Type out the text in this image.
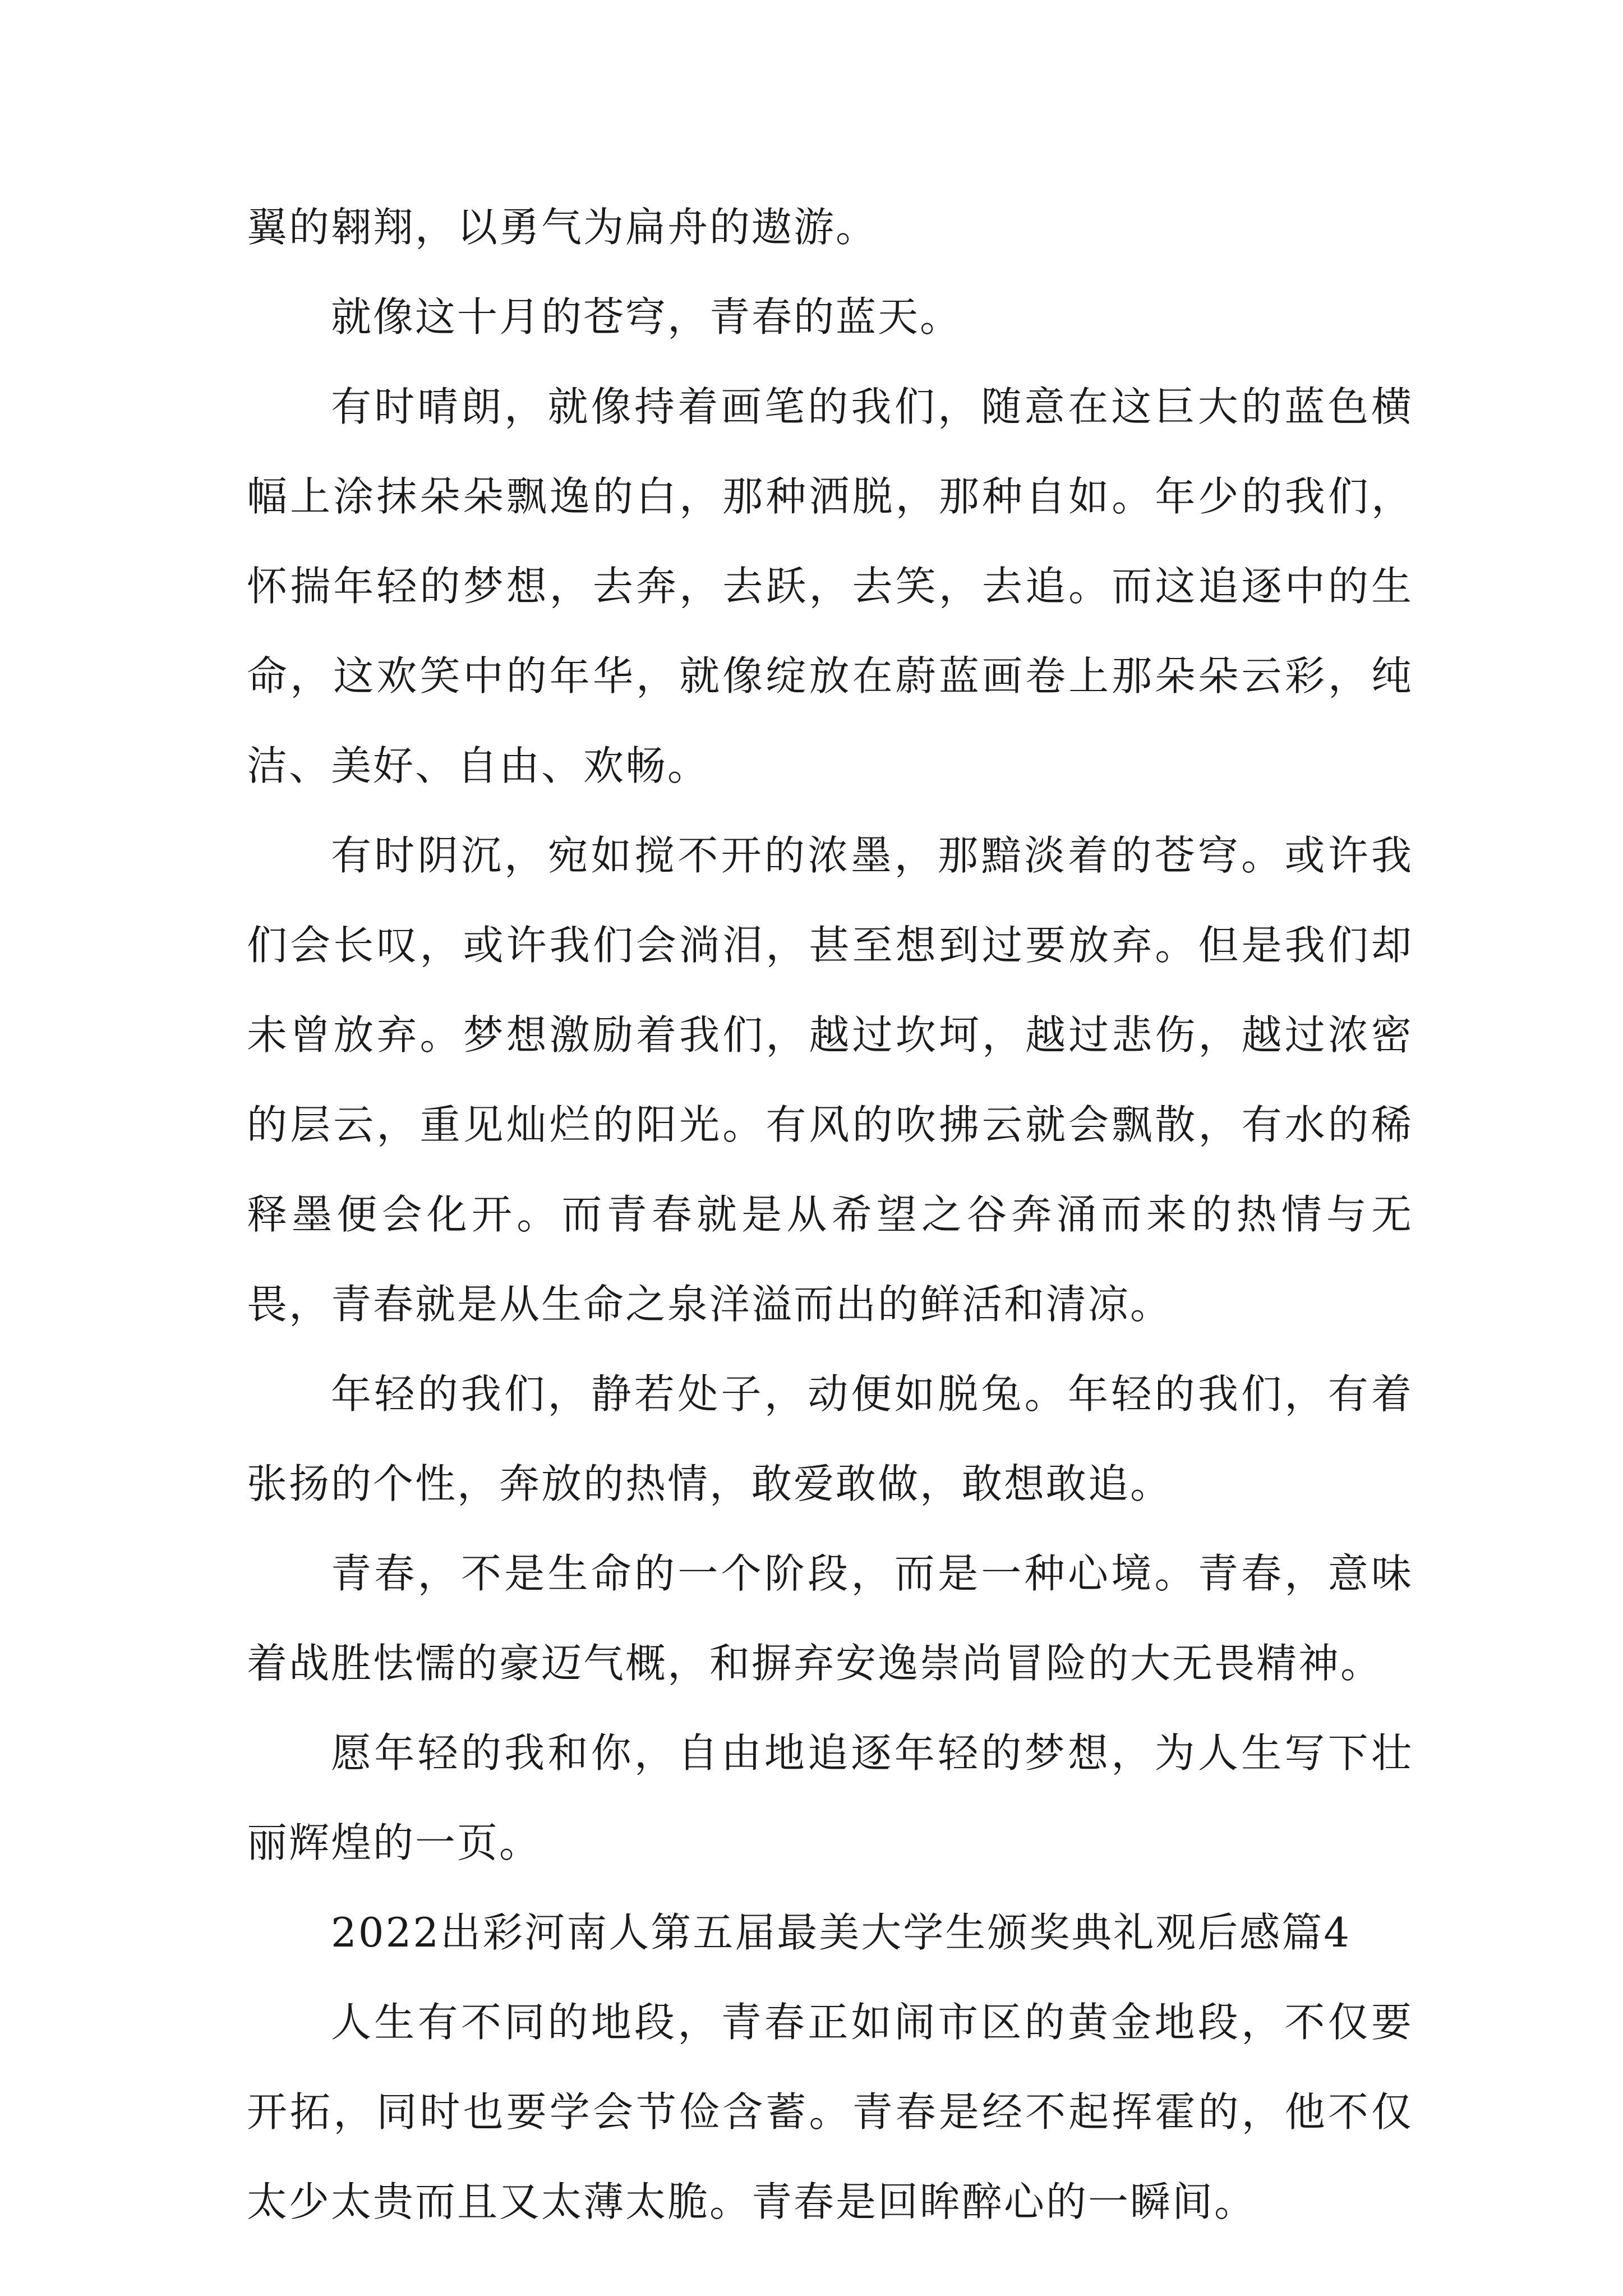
翼的翱翔，以勇气为扁舟的遨游。

就像这十月的苍穹，青春的蓝天。

有时晴朗，就像持着画笔的我们，随意在这巨大的蓝色横幅上涂抹朵朵飘逸的白，那种洒脱，那种自如。年少的我们，怀揣年轻的梦想，去奔，去跃，去笑，去追。而这追逐中的生命，这欢笑中的年华，就像绽放在蔚蓝画卷上那朵朵云彩，纯洁、美好、自由、欢畅。

有时阴沉，宛如搅不开的浓墨，那黯淡着的苍穹。或许我们会长叹，或许我们会淌泪，甚至想到过要放弃。但是我们却未曾放弃。梦想激励着我们，越过坎坷，越过悲伤，越过浓密的层云，重见灿烂的阳光。有风的吹拂云就会飘散，有水的稀释墨便会化开。而青春就是从希望之谷奔涌而来的热情与无畏，青春就是从生命之泉洋溢而出的鲜活和清凉。

年轻的我们，静若处子，动便如脱兔。年轻的我们，有着张扬的个性，奔放的热情，敢爱敢做，敢想敢追。

青春，不是生命的一个阶段，而是一种心境。青春，意味着战胜怯懦的豪迈气概，和摒弃安逸崇尚冒险的大无畏精神。

愿年轻的我和你，自由地追逐年轻的梦想，为人生写下壮丽辉煌的一页。

2022出彩河南人第五届最美大学生颁奖典礼观后感篇4

人生有不同的地段，青春正如闹市区的黄金地段，不仅要开拓，同时也要学会节俭含蓄。青春是经不起挥霍的，他不仅太少太贵而且又太薄太脆。青春是回眸醉心的一瞬间。
